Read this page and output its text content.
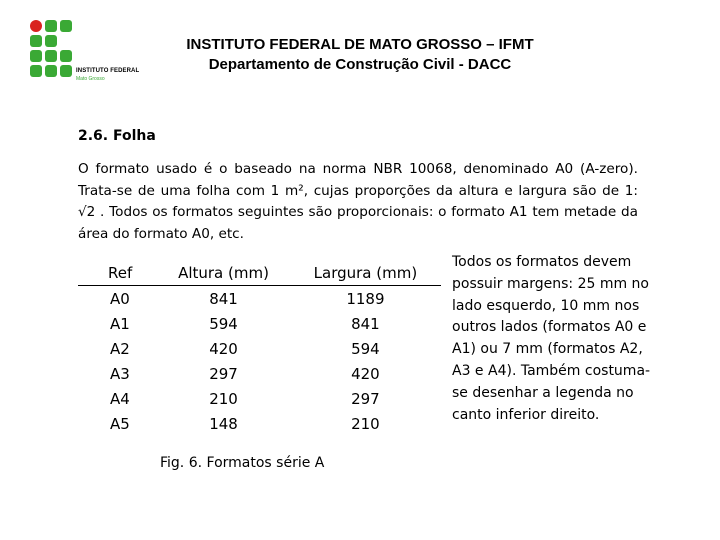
INSTITUTO FEDERAL
Mato Grosso
INSTITUTO FEDERAL DE MATO GROSSO – IFMT
Departamento de Construção Civil - DACC
2.6. Folha
O formato usado é o baseado na norma NBR 10068, denominado A0 (A-zero). Trata-se de uma folha com 1 m², cujas proporções da altura e largura são de 1: √2 . Todos os formatos seguintes são proporcionais: o formato A1 tem metade da área do formato A0, etc.
Ref	Altura (mm)	Largura (mm)
A0	841	1189
A1	594	841
A2	420	594
A3	297	420
A4	210	297
A5	148	210
Todos os formatos devem possuir margens: 25 mm no lado esquerdo, 10 mm nos outros lados (formatos A0 e A1) ou 7 mm (formatos A2, A3 e A4). Também costuma-se desenhar a legenda no canto inferior direito.
Fig. 6. Formatos série A
